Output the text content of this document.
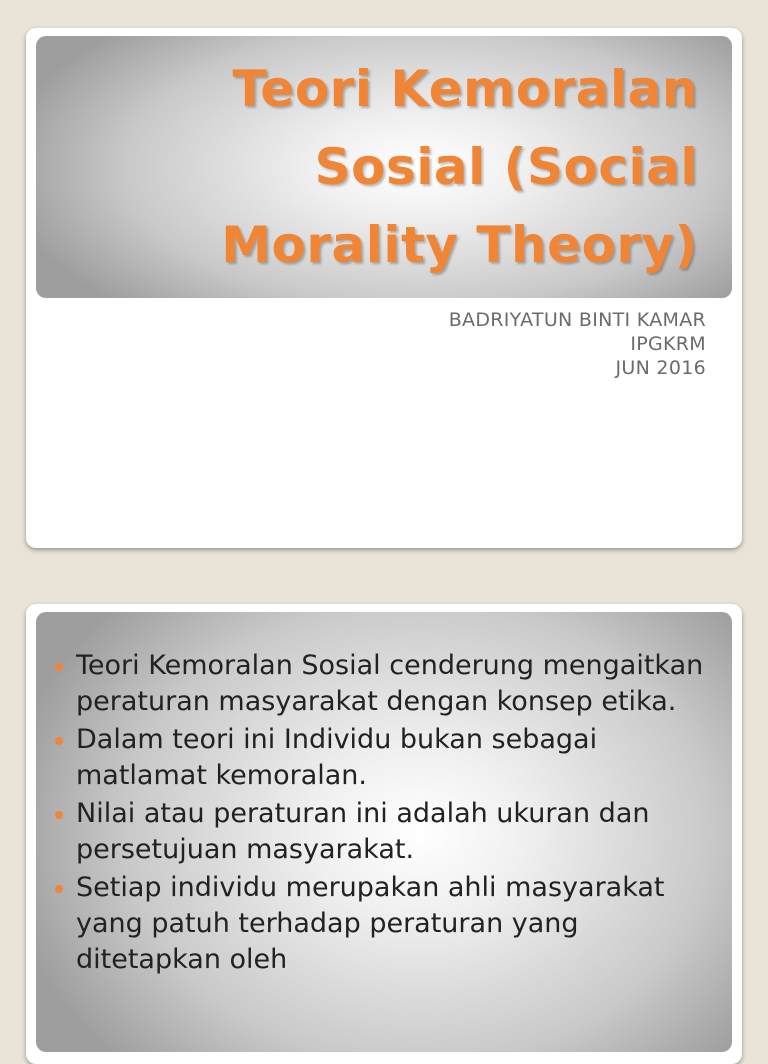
Teori Kemoralan
Sosial (Social
Morality Theory)
BADRIYATUN BINTI KAMAR
IPGKRM
JUN 2016
Teori Kemoralan Sosial cenderung mengaitkan peraturan masyarakat dengan konsep etika.
Dalam teori ini Individu bukan sebagai matlamat kemoralan.
Nilai atau peraturan ini adalah ukuran dan persetujuan masyarakat.
Setiap individu merupakan ahli masyarakat yang patuh terhadap peraturan yang ditetapkan oleh
